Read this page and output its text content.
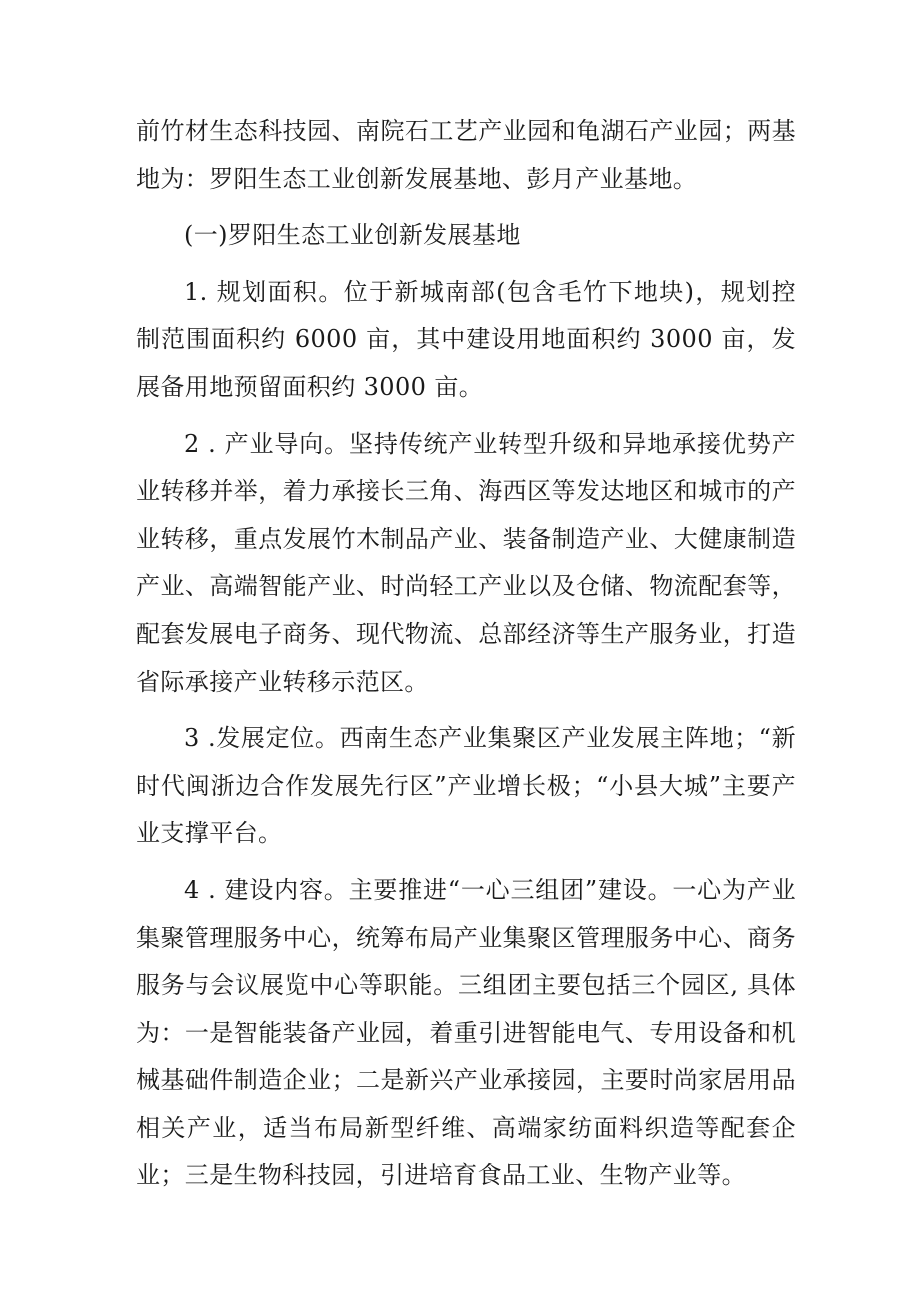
前竹材生态科技园、南院石工艺产业园和龟湖石产业园；两基地为：罗阳生态工业创新发展基地、彭月产业基地。

(一)罗阳生态工业创新发展基地

1. 规划面积。位于新城南部(包含毛竹下地块)，规划控制范围面积约 6000 亩，其中建设用地面积约 3000 亩，发展备用地预留面积约 3000 亩。

2 . 产业导向。坚持传统产业转型升级和异地承接优势产业转移并举，着力承接长三角、海西区等发达地区和城市的产业转移，重点发展竹木制品产业、装备制造产业、大健康制造产业、高端智能产业、时尚轻工产业以及仓储、物流配套等，配套发展电子商务、现代物流、总部经济等生产服务业，打造省际承接产业转移示范区。

3 .发展定位。西南生态产业集聚区产业发展主阵地；“新时代闽浙边合作发展先行区”产业增长极；“小县大城”主要产业支撑平台。

4 . 建设内容。主要推进“一心三组团”建设。一心为产业集聚管理服务中心，统筹布局产业集聚区管理服务中心、商务服务与会议展览中心等职能。三组团主要包括三个园区, 具体为：一是智能装备产业园，着重引进智能电气、专用设备和机械基础件制造企业；二是新兴产业承接园，主要时尚家居用品相关产业，适当布局新型纤维、高端家纺面料织造等配套企业；三是生物科技园，引进培育食品工业、生物产业等。
